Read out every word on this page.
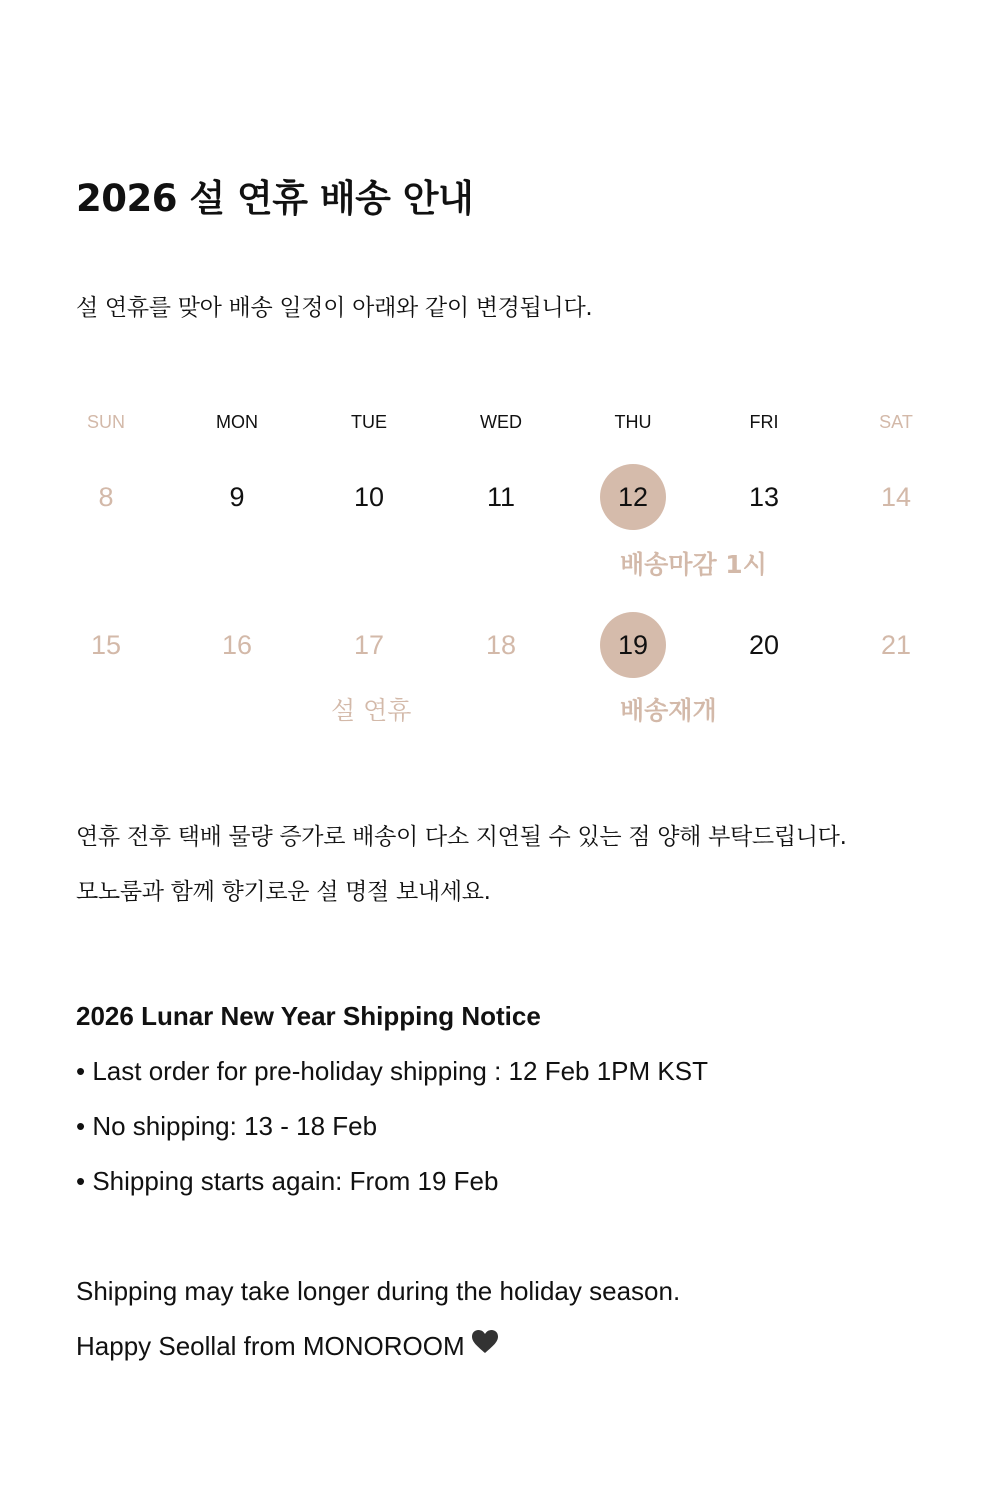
2026 설 연휴 배송 안내
설 연휴를 맞아 배송 일정이 아래와 같이 변경됩니다.
SUN	MON	TUE	WED	THU	FRI	SAT
8	9	10	11	12	13	14
배송마감 1시
15	16	17	18	19	20	21
설 연휴	배송재개
연휴 전후 택배 물량 증가로 배송이 다소 지연될 수 있는 점 양해 부탁드립니다.
모노룸과 함께 향기로운 설 명절 보내세요.
2026 Lunar New Year Shipping Notice
• Last order for pre-holiday shipping : 12 Feb 1PM KST
• No shipping: 13 - 18 Feb
• Shipping starts again: From 19 Feb
Shipping may take longer during the holiday season.
Happy Seollal from MONOROOM
